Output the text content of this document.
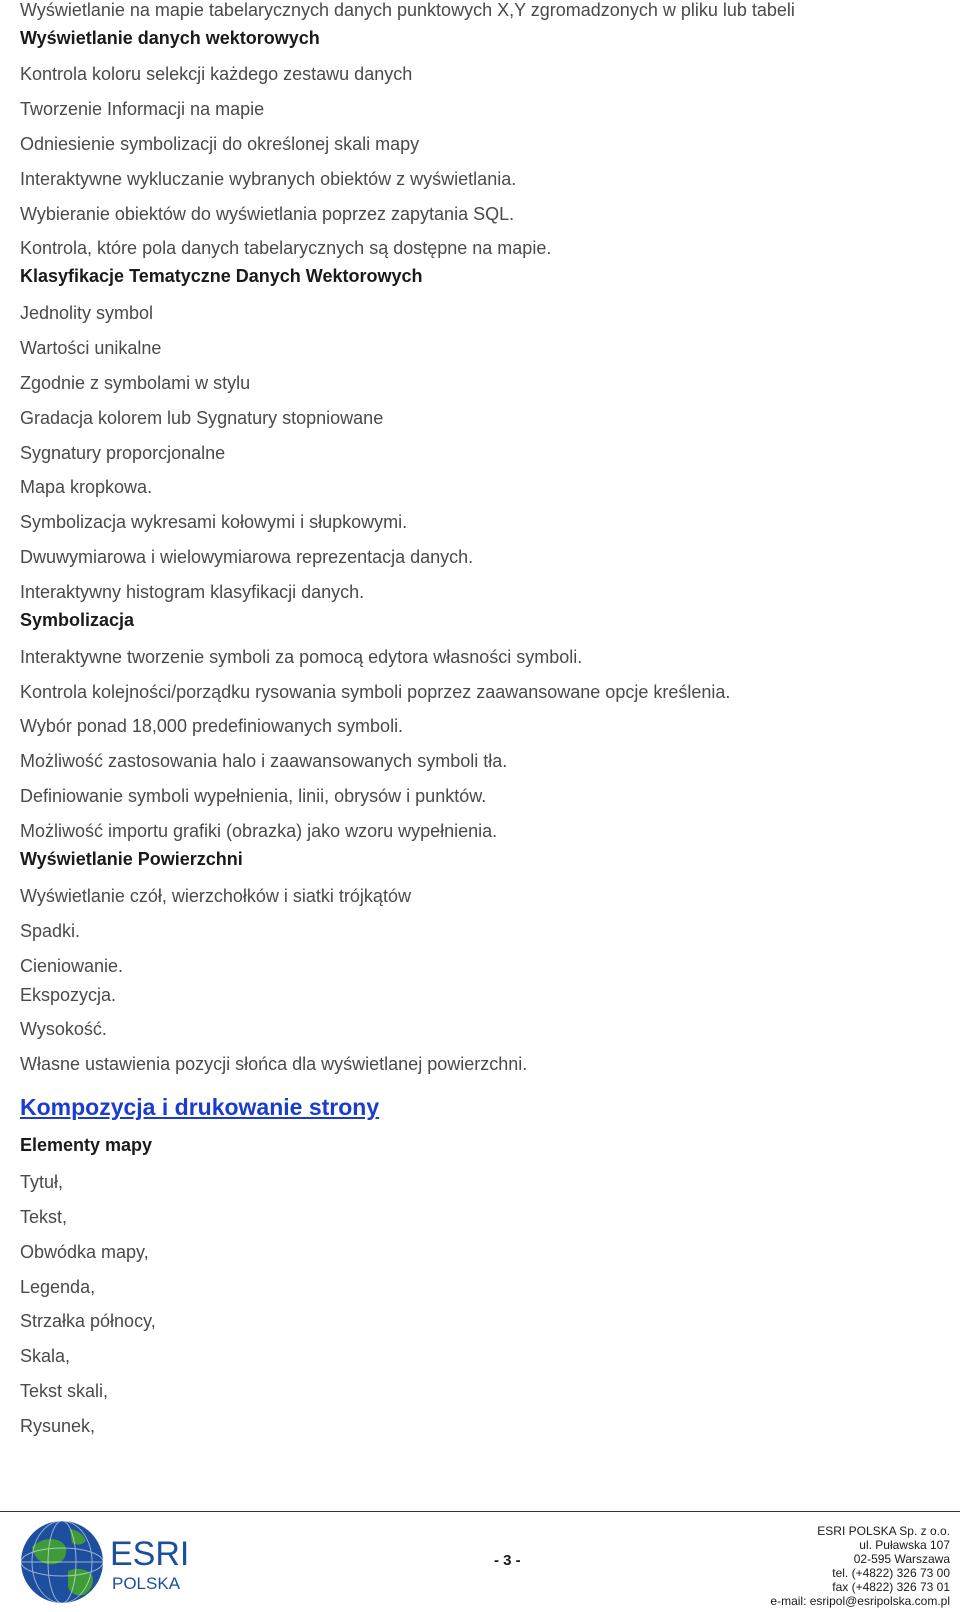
Wyświetlanie na mapie tabelarycznych danych punktowych X,Y zgromadzonych w pliku lub tabeli
Wyświetlanie danych wektorowych
Kontrola koloru selekcji każdego zestawu danych
Tworzenie Informacji na mapie
Odniesienie symbolizacji do określonej skali mapy
Interaktywne wykluczanie wybranych obiektów z wyświetlania.
Wybieranie obiektów do wyświetlania poprzez zapytania SQL.
Kontrola, które pola danych tabelarycznych są dostępne na mapie.
Klasyfikacje Tematyczne Danych Wektorowych
Jednolity symbol
Wartości unikalne
Zgodnie z symbolami w stylu
Gradacja kolorem lub Sygnatury stopniowane
Sygnatury proporcjonalne
Mapa kropkowa.
Symbolizacja wykresami kołowymi i słupkowymi.
Dwuwymiarowa i wielowymiarowa reprezentacja danych.
Interaktywny histogram klasyfikacji danych.
Symbolizacja
Interaktywne tworzenie symboli za pomocą edytora własności symboli.
Kontrola kolejności/porządku rysowania symboli poprzez zaawansowane opcje kreślenia.
Wybór ponad 18,000 predefiniowanych symboli.
Możliwość zastosowania halo i zaawansowanych symboli tła.
Definiowanie symboli wypełnienia, linii, obrysów i punktów.
Możliwość importu grafiki (obrazka) jako wzoru wypełnienia.
Wyświetlanie Powierzchni
Wyświetlanie czół, wierzchołków i siatki trójkątów
Spadki.
Cieniowanie.
Ekspozycja.
Wysokość.
Własne ustawienia pozycji słońca dla wyświetlanej powierzchni.
Kompozycja i drukowanie strony
Elementy mapy
Tytuł,
Tekst,
Obwódka mapy,
Legenda,
Strzałka północy,
Skala,
Tekst skali,
Rysunek,
ESRI
POLSKA
- 3 -
ESRI POLSKA Sp. z o.o.
ul. Puławska 107
02-595 Warszawa
tel. (+4822) 326 73 00
fax (+4822) 326 73 01
e-mail: esripol@esripolska.com.pl
